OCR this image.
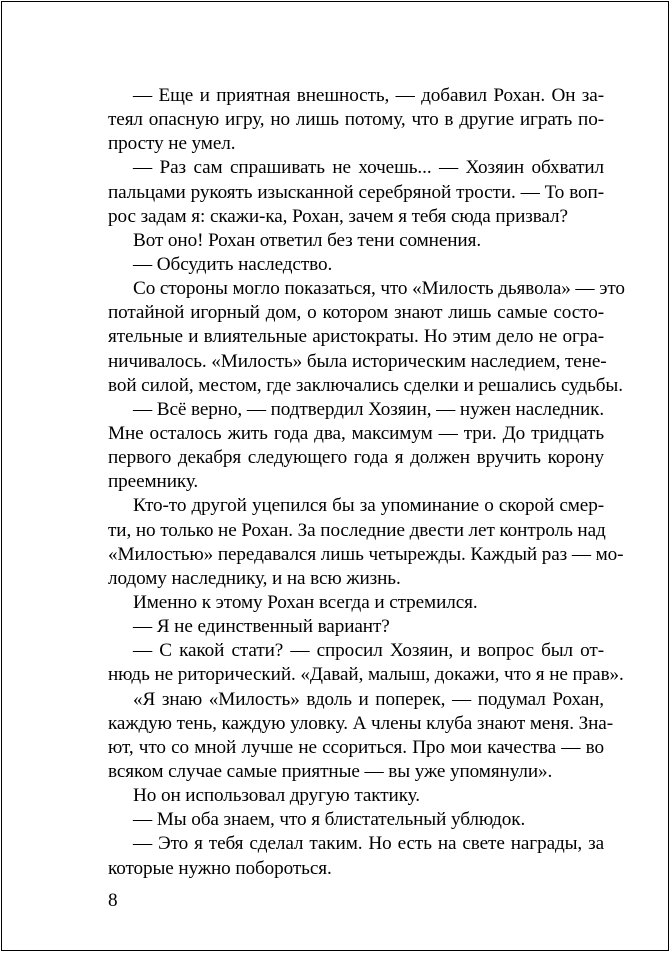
— Еще и приятная внешность, — добавил Рохан. Он за-
теял опасную игру, но лишь потому, что в другие играть по-
просту не умел.
— Раз сам спрашивать не хочешь... — Хозяин обхватил
пальцами рукоять изысканной серебряной трости. — То воп-
рос задам я: скажи-ка, Рохан, зачем я тебя сюда призвал?
Вот оно! Рохан ответил без тени сомнения.
— Обсудить наследство.
Со стороны могло показаться, что «Милость дьявола» — это
потайной игорный дом, о котором знают лишь самые состо-
ятельные и влиятельные аристократы. Но этим дело не огра-
ничивалось. «Милость» была историческим наследием, тене-
вой силой, местом, где заключались сделки и решались судьбы.
— Всё верно, — подтвердил Хозяин, — нужен наследник.
Мне осталось жить года два, максимум — три. До тридцать
первого декабря следующего года я должен вручить корону
преемнику.
Кто-то другой уцепился бы за упоминание о скорой смер-
ти, но только не Рохан. За последние двести лет контроль над
«Милостью» передавался лишь четырежды. Каждый раз — мо-
лодому наследнику, и на всю жизнь.
Именно к этому Рохан всегда и стремился.
— Я не единственный вариант?
— С какой стати? — спросил Хозяин, и вопрос был от-
нюдь не риторический. «Давай, малыш, докажи, что я не прав».
«Я знаю «Милость» вдоль и поперек, — подумал Рохан,
каждую тень, каждую уловку. А члены клуба знают меня. Зна-
ют, что со мной лучше не ссориться. Про мои качества — во
всяком случае самые приятные — вы уже упомянули».
Но он использовал другую тактику.
— Мы оба знаем, что я блистательный ублюдок.
— Это я тебя сделал таким. Но есть на свете награды, за
которые нужно побороться.
8
